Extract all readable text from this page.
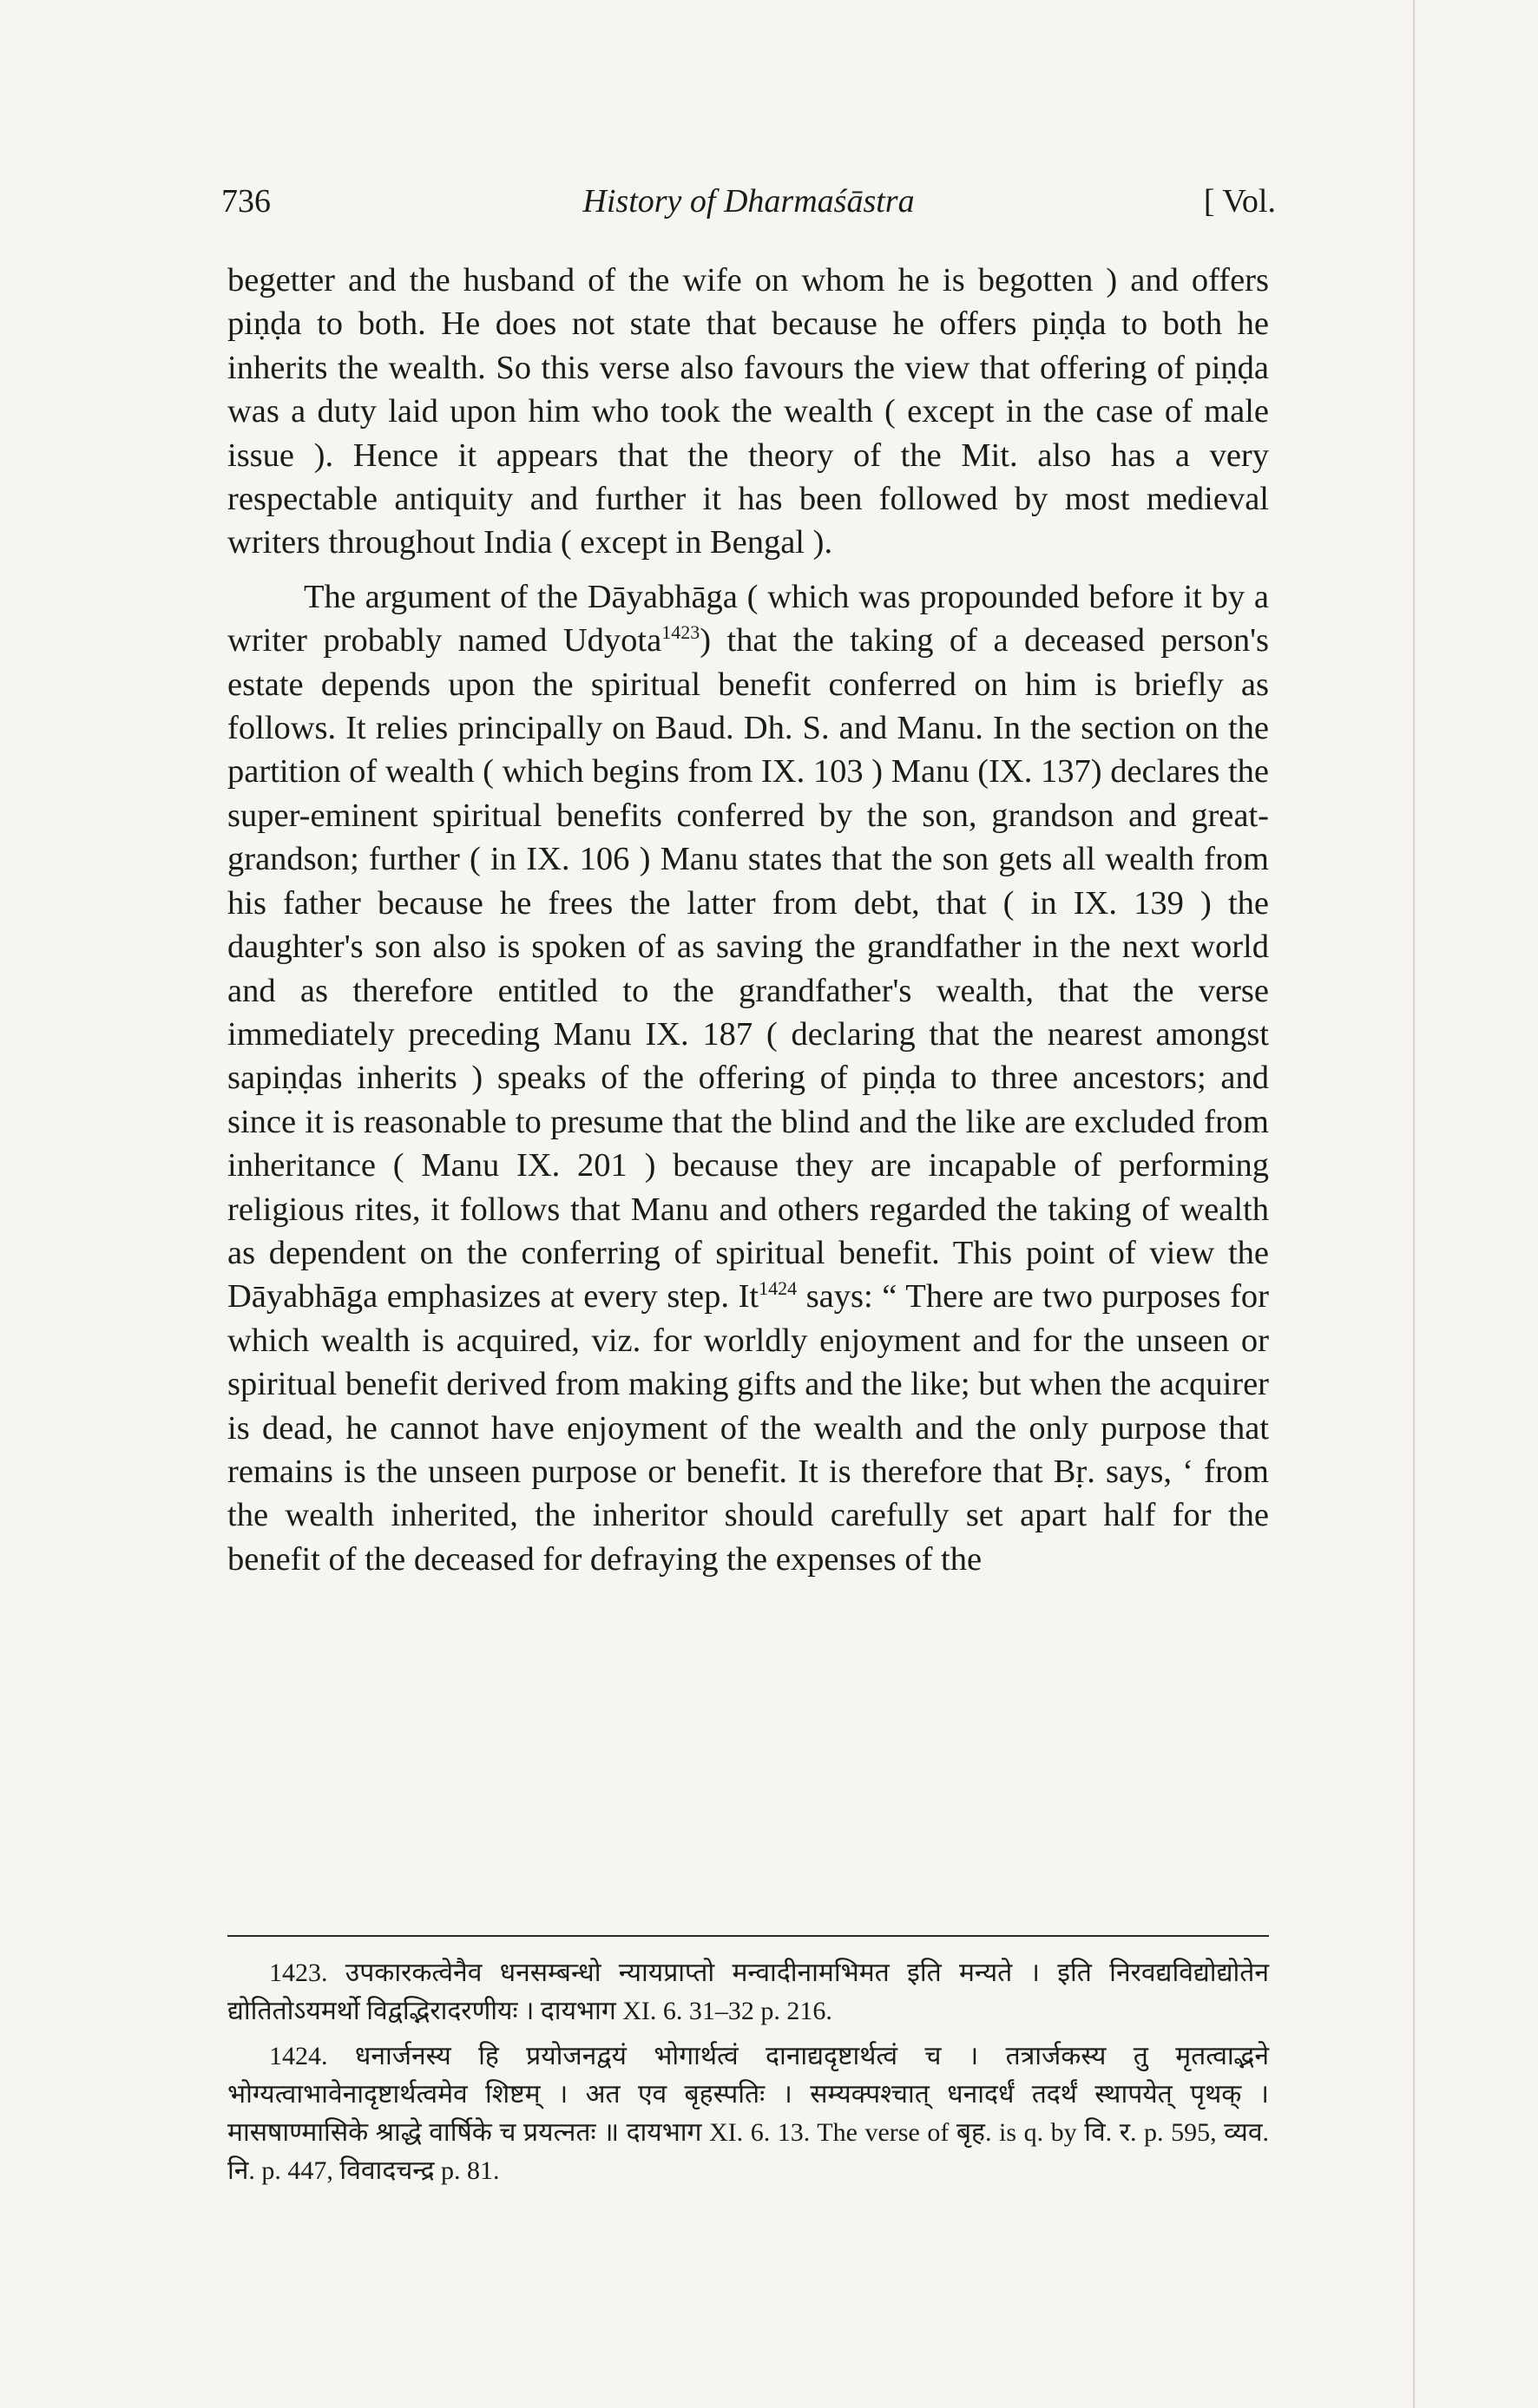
736	History of Dharmaśāstra	[ Vol.

begetter and the husband of the wife on whom he is begotten ) and offers piṇḍa to both. He does not state that because he offers piṇḍa to both he inherits the wealth. So this verse also favours the view that offering of piṇḍa was a duty laid upon him who took the wealth ( except in the case of male issue ). Hence it appears that the theory of the Mit. also has a very respectable antiquity and further it has been followed by most medieval writers throughout India ( except in Bengal ).

The argument of the Dāyabhāga ( which was propounded before it by a writer probably named Udyota$^{1423}$) that the taking of a deceased person's estate depends upon the spiritual benefit conferred on him is briefly as follows. It relies principally on Baud. Dh. S. and Manu. In the section on the partition of wealth ( which begins from IX. 103 ) Manu (IX. 137) declares the super-eminent spiritual benefits conferred by the son, grandson and great-grandson; further ( in IX. 106 ) Manu states that the son gets all wealth from his father because he frees the latter from debt, that ( in IX. 139 ) the daughter's son also is spoken of as saving the grandfather in the next world and as therefore entitled to the grandfather's wealth, that the verse immediately preceding Manu IX. 187 ( declaring that the nearest amongst sapiṇḍas inherits ) speaks of the offering of piṇḍa to three ancestors; and since it is reasonable to presume that the blind and the like are excluded from inheritance ( Manu IX. 201 ) because they are incapable of performing religious rites, it follows that Manu and others regarded the taking of wealth as dependent on the conferring of spiritual benefit. This point of view the Dāyabhāga emphasizes at every step. $It^{1424}$ says: “ There are two purposes for which wealth is acquired, viz. for worldly enjoyment and for the unseen or spiritual benefit derived from making gifts and the like; but when the acquirer is dead, he cannot have enjoyment of the wealth and the only purpose that remains is the unseen purpose or benefit. It is therefore that Bṛ. says, ‘ from the wealth inherited, the inheritor should carefully set apart half for the benefit of the deceased for defraying the expenses of the

1423. उपकारकत्वेनैव धनसम्बन्धो न्यायप्राप्तो मन्वादीनामभिमत इति मन्यते । इति निरवद्यविद्योद्योतेन द्योतितोऽयमर्थो विद्वद्भिरादरणीयः । दायभाग XI. 6. 31–32 p. 216.

1424. धनार्जनस्य हि प्रयोजनद्वयं भोगार्थत्वं दानाद्यदृष्टार्थत्वं च । तत्रार्जकस्य तु मृतत्वाद्भने भोग्यत्वाभावेनादृष्टार्थत्वमेव शिष्टम् । अत एव बृहस्पतिः । सम्यक्पश्चात् धनादर्धं तदर्थं स्थापयेत् पृथक् । मासषाण्मासिके श्राद्धे वार्षिके च प्रयत्नतः ॥ दायभाग XI. 6. 13. The verse of बृह. is q. by वि. र. p. 595, व्यव. नि. p. 447, विवादचन्द्र p. 81.
